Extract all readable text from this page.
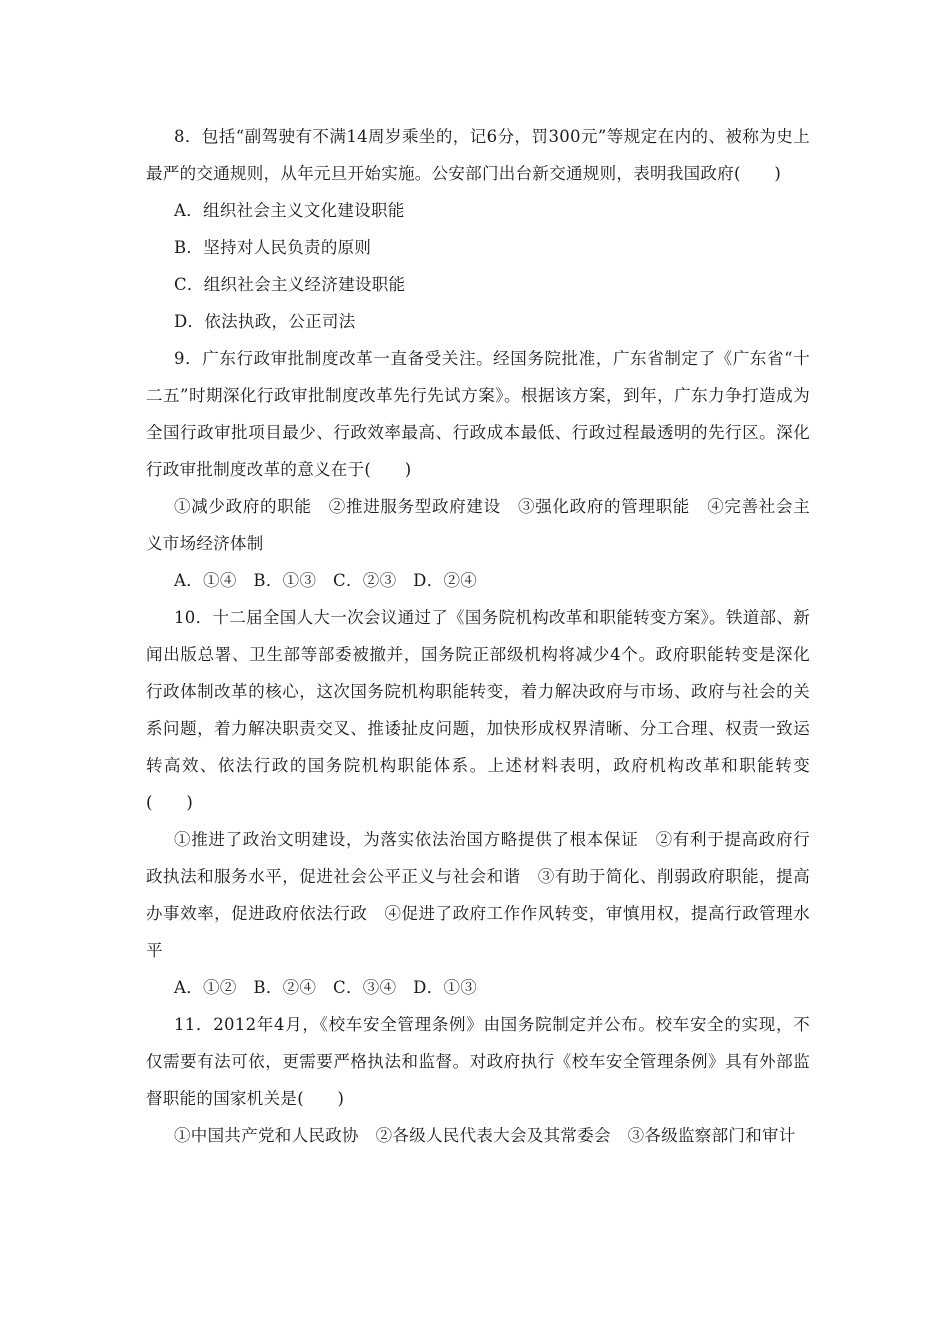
8．包括“副驾驶有不满14周岁乘坐的，记6分，罚300元”等规定在内的、被称为史上最严的交通规则，从年元旦开始实施。公安部门出台新交通规则，表明我国政府(　　)

A．组织社会主义文化建设职能

B．坚持对人民负责的原则

C．组织社会主义经济建设职能

D．依法执政，公正司法

9．广东行政审批制度改革一直备受关注。经国务院批准，广东省制定了《广东省“十二五”时期深化行政审批制度改革先行先试方案》。根据该方案，到年，广东力争打造成为全国行政审批项目最少、行政效率最高、行政成本最低、行政过程最透明的先行区。深化行政审批制度改革的意义在于(　　)

①减少政府的职能　②推进服务型政府建设　③强化政府的管理职能　④完善社会主义市场经济体制

A．①④　B．①③　C．②③　D．②④

10．十二届全国人大一次会议通过了《国务院机构改革和职能转变方案》。铁道部、新闻出版总署、卫生部等部委被撤并，国务院正部级机构将减少4个。政府职能转变是深化行政体制改革的核心，这次国务院机构职能转变，着力解决政府与市场、政府与社会的关系问题，着力解决职责交叉、推诿扯皮问题，加快形成权界清晰、分工合理、权责一致运转高效、依法行政的国务院机构职能体系。上述材料表明，政府机构改革和职能转变(　　)

①推进了政治文明建设，为落实依法治国方略提供了根本保证　②有利于提高政府行政执法和服务水平，促进社会公平正义与社会和谐　③有助于简化、削弱政府职能，提高办事效率，促进政府依法行政　④促进了政府工作作风转变，审慎用权，提高行政管理水平

A．①②　B．②④　C．③④　D．①③

11．2012年4月，《校车安全管理条例》由国务院制定并公布。校车安全的实现，不仅需要有法可依，更需要严格执法和监督。对政府执行《校车安全管理条例》具有外部监督职能的国家机关是(　　)

①中国共产党和人民政协　②各级人民代表大会及其常委会　③各级监察部门和审计
